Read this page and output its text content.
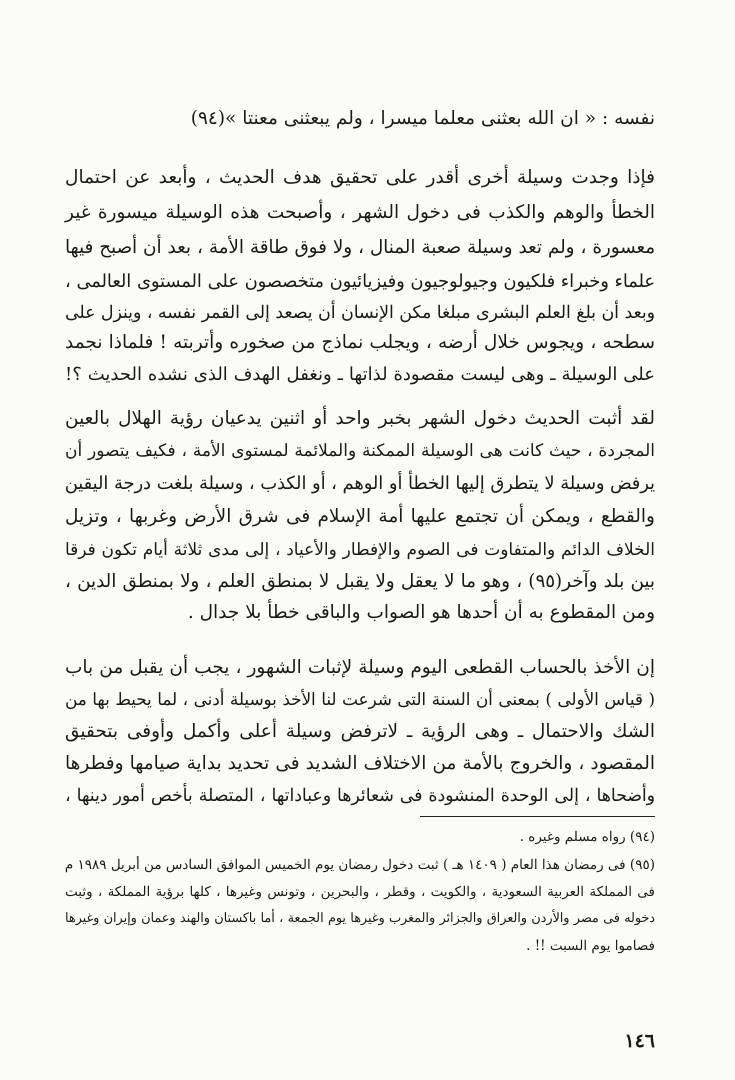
نفسه : « ان الله بعثنى معلما ميسرا ، ولم يبعثنى معنتا »(٩٤)
فإذا وجدت وسيلة أخرى أقدر على تحقيق هدف الحديث ، وأبعد عن احتمال
الخطأ والوهم والكذب فى دخول الشهر ، وأصبحت هذه الوسيلة ميسورة غير
معسورة ، ولم تعد وسيلة صعبة المنال ، ولا فوق طاقة الأمة ، بعد أن أصبح فيها
علماء وخبراء فلكيون وجيولوجيون وفيزيائيون متخصصون على المستوى العالمى ،
وبعد أن بلغ العلم البشرى مبلغا مكن الإنسان أن يصعد إلى القمر نفسه ، وينزل على
سطحه ، ويجوس خلال أرضه ، ويجلب نماذج من صخوره وأتربته ! فلماذا نجمد
على الوسيلة ـ وهى ليست مقصودة لذاتها ـ ونغفل الهدف الذى نشده الحديث ؟!
لقد أثبت الحديث دخول الشهر بخبر واحد أو اثنين يدعيان رؤية الهلال بالعين
المجردة ، حيث كانت هى الوسيلة الممكنة والملائمة لمستوى الأمة ، فكيف يتصور أن
يرفض وسيلة لا يتطرق إليها الخطأ أو الوهم ، أو الكذب ، وسيلة بلغت درجة اليقين
والقطع ، ويمكن أن تجتمع عليها أمة الإسلام فى شرق الأرض وغربها ، وتزيل
الخلاف الدائم والمتفاوت فى الصوم والإفطار والأعياد ، إلى مدى ثلاثة أيام تكون فرقا
بين بلد وآخر(٩٥) ، وهو ما لا يعقل ولا يقبل لا بمنطق العلم ، ولا بمنطق الدين ،
ومن المقطوع به أن أحدها هو الصواب والباقى خطأ بلا جدال .
إن الأخذ بالحساب القطعى اليوم وسيلة لإثبات الشهور ، يجب أن يقبل من باب
( قياس الأولى ) بمعنى أن السنة التى شرعت لنا الأخذ بوسيلة أدنى ، لما يحيط بها من
الشك والاحتمال ـ وهى الرؤية ـ لاترفض وسيلة أعلى وأكمل وأوفى بتحقيق
المقصود ، والخروج بالأمة من الاختلاف الشديد فى تحديد بداية صيامها وفطرها
وأضحاها ، إلى الوحدة المنشودة فى شعائرها وعباداتها ، المتصلة بأخص أمور دينها ،
(٩٤) رواه مسلم وغيره .
(٩٥) فى رمضان هذا العام ( ١٤٠٩ هـ ) ثبت دخول رمضان يوم الخميس الموافق السادس من أبريل ١٩٨٩ م
فى المملكة العربية السعودية ، والكويت ، وقطر ، والبحرين ، وتونس وغيرها ، كلها برؤية المملكة ، وثبت
دخوله فى مصر والأردن والعراق والجزائر والمغرب وغيرها يوم الجمعة ، أما باكستان والهند وعمان وإيران وغيرها
فصاموا يوم السبت !! .
١٤٦
